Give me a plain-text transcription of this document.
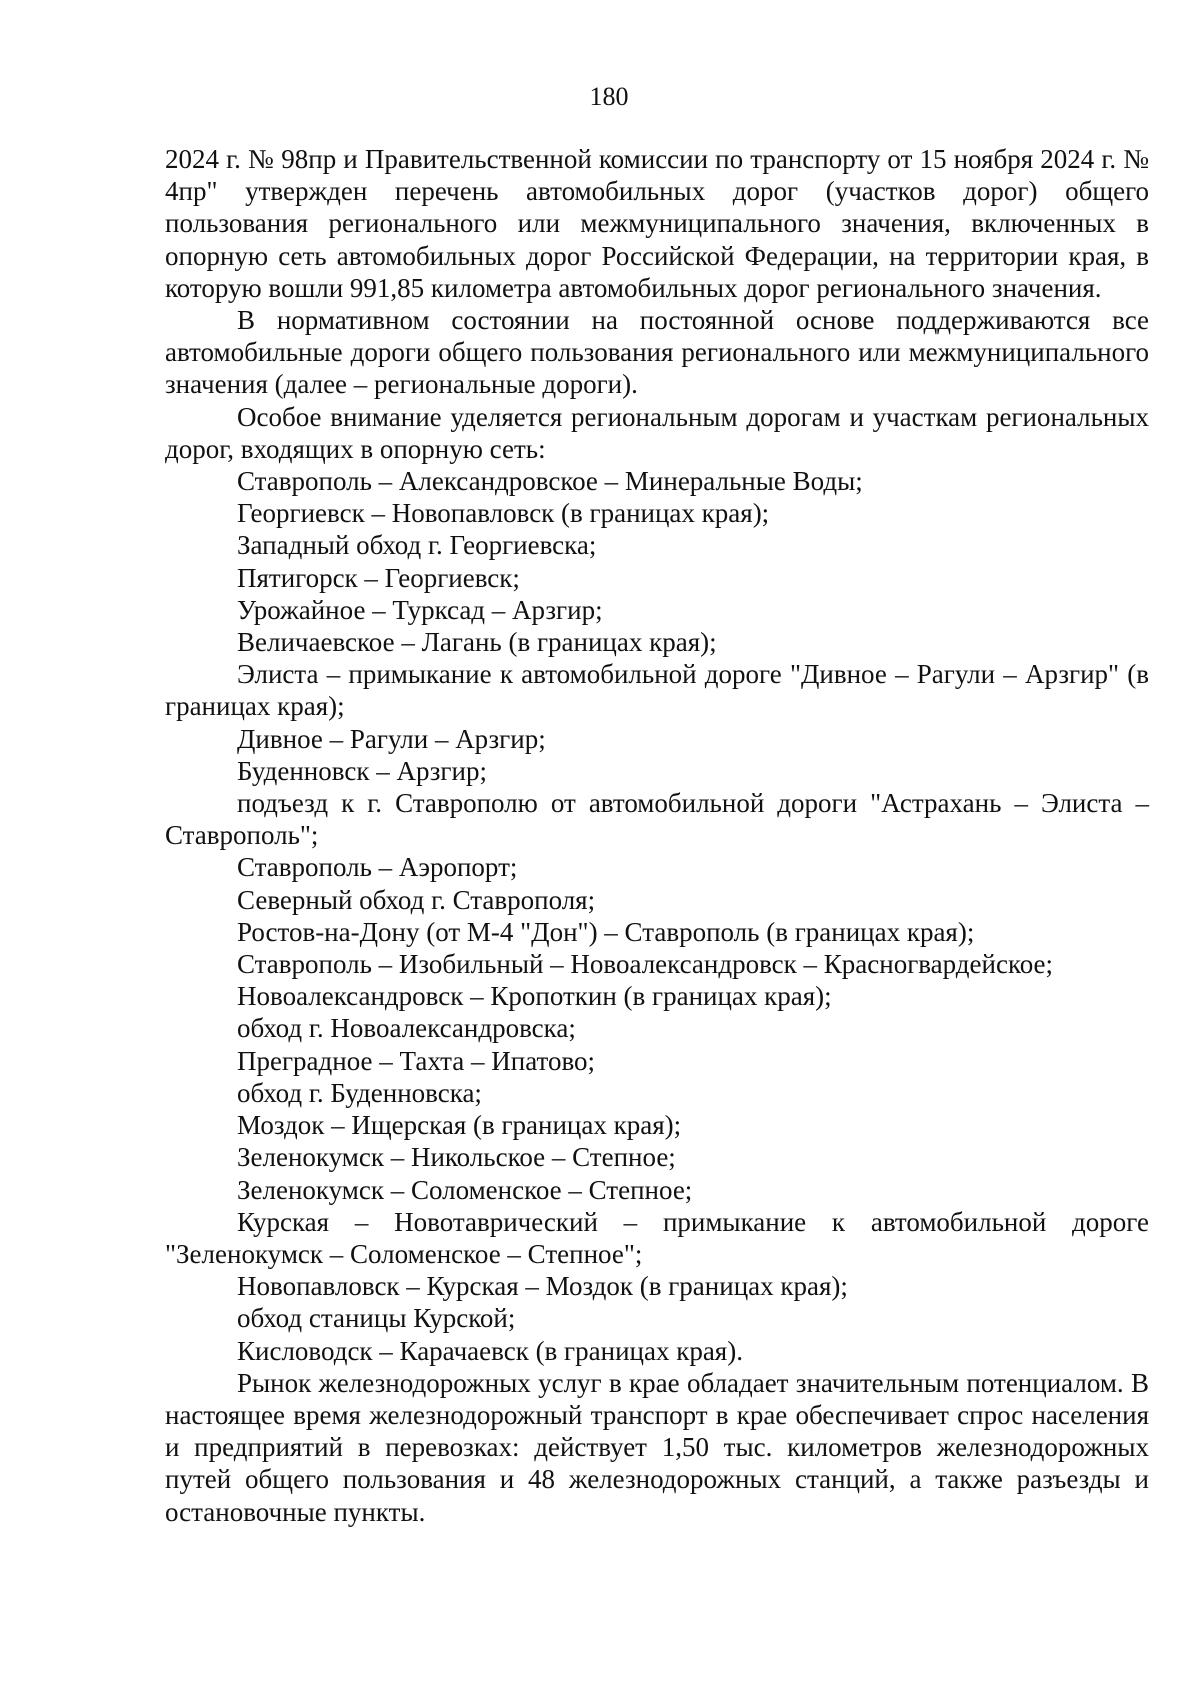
180

2024 г. № 98пр и Правительственной комиссии по транспорту от 15 ноября 2024 г. № 4пр" утвержден перечень автомобильных дорог (участков дорог) общего пользования регионального или межмуниципального значения, включенных в опорную сеть автомобильных дорог Российской Федерации, на территории края, в которую вошли 991,85 километра автомобильных дорог регионального значения.

В нормативном состоянии на постоянной основе поддерживаются все автомобильные дороги общего пользования регионального или межмуниципального значения (далее – региональные дороги).

Особое внимание уделяется региональным дорогам и участкам региональных дорог, входящих в опорную сеть:

Ставрополь – Александровское – Минеральные Воды;
Георгиевск – Новопавловск (в границах края);
Западный обход г. Георгиевска;
Пятигорск – Георгиевск;
Урожайное – Турксад – Арзгир;
Величаевское – Лагань (в границах края);
Элиста – примыкание к автомобильной дороге "Дивное – Рагули – Арзгир" (в границах края);
Дивное – Рагули – Арзгир;
Буденновск – Арзгир;
подъезд к г. Ставрополю от автомобильной дороги "Астрахань – Элиста – Ставрополь";
Ставрополь – Аэропорт;
Северный обход г. Ставрополя;
Ростов-на-Дону (от М-4 "Дон") – Ставрополь (в границах края);
Ставрополь – Изобильный – Новоалександровск – Красногвардейское;
Новоалександровск – Кропоткин (в границах края);
обход г. Новоалександровска;
Преградное – Тахта – Ипатово;
обход г. Буденновска;
Моздок – Ищерская (в границах края);
Зеленокумск – Никольское – Степное;
Зеленокумск – Соломенское – Степное;
Курская – Новотаврический – примыкание к автомобильной дороге "Зеленокумск – Соломенское – Степное";
Новопавловск – Курская – Моздок (в границах края);
обход станицы Курской;
Кисловодск – Карачаевск (в границах края).

Рынок железнодорожных услуг в крае обладает значительным потенциалом. В настоящее время железнодорожный транспорт в крае обеспечивает спрос населения и предприятий в перевозках: действует 1,50 тыс. километров железнодорожных путей общего пользования и 48 железнодорожных станций, а также разъезды и остановочные пункты.
